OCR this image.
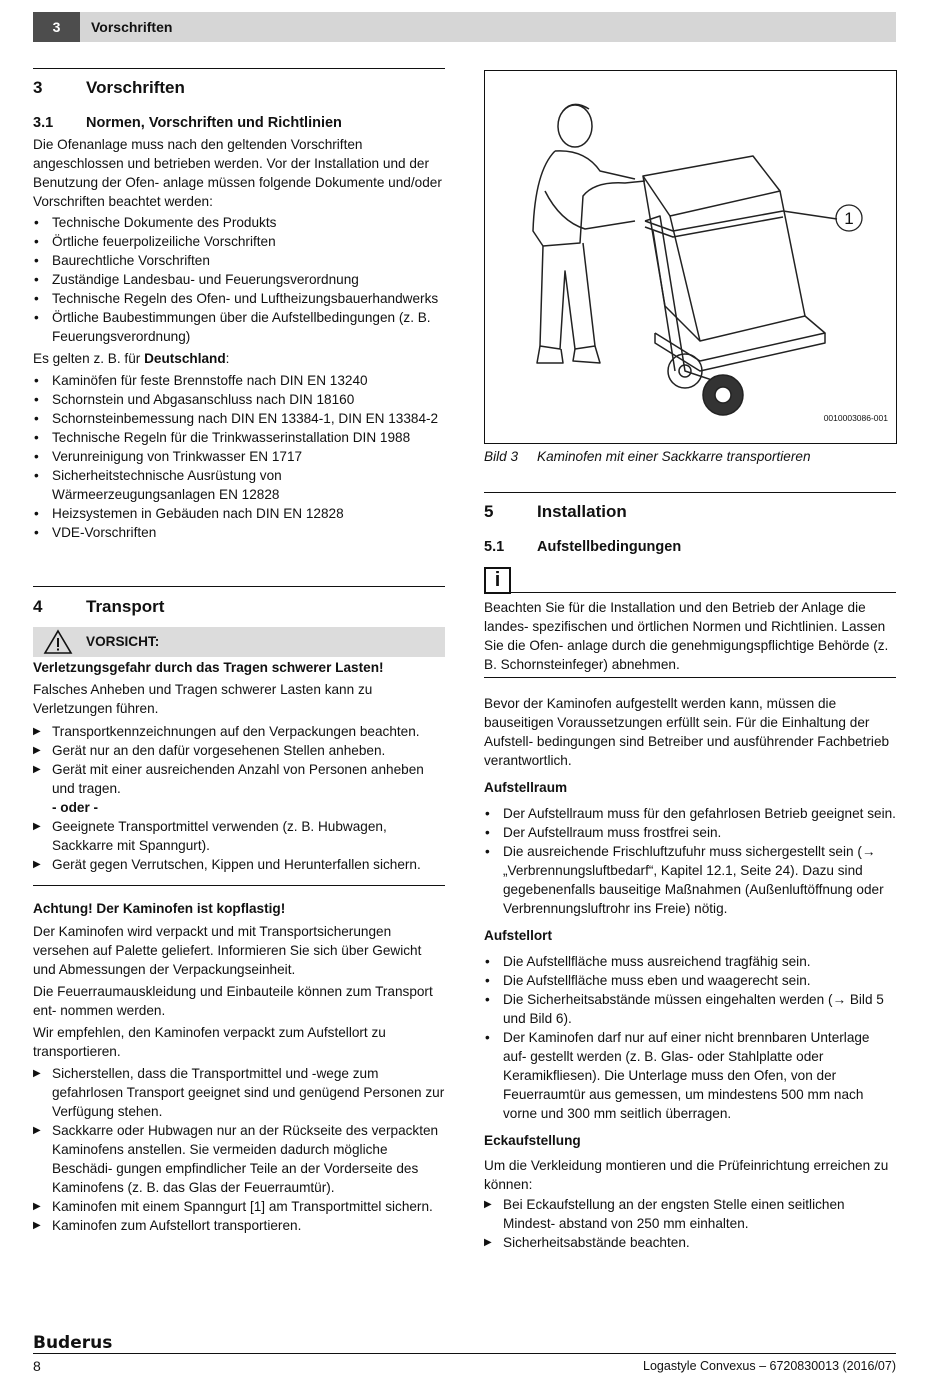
3	Vorschriften
3	Vorschriften
3.1 Normen, Vorschriften und Richtlinien

Die Ofenanlage muss nach den geltenden Vorschriften angeschlossen und betrieben werden. Vor der Installation und der Benutzung der Ofen- anlage müssen folgende Dokumente und/oder Vorschriften beachtet werden:

• Technische Dokumente des Produkts
• Örtliche feuerpolizeiliche Vorschriften
• Baurechtliche Vorschriften
• Zuständige Landesbau- und Feuerungsverordnung
• Technische Regeln des Ofen- und Luftheizungsbauerhandwerks
• Örtliche Baubestimmungen über die Aufstellbedingungen (z. B. Feuerungsverordnung)

Es gelten z. B. für Deutschland:

• Kaminöfen für feste Brennstoffe nach DIN EN 13240
• Schornstein und Abgasanschluss nach DIN 18160
• Schornsteinbemessung nach DIN EN 13384-1, DIN EN 13384-2
• Technische Regeln für die Trinkwasserinstallation DIN 1988
• Verunreinigung von Trinkwasser EN 1717
• Sicherheitstechnische Ausrüstung von Wärmeerzeugungsanlagen EN 12828
• Heizsystemen in Gebäuden nach DIN EN 12828
• VDE-Vorschriften
4	Transport
VORSICHT:

Verletzungsgefahr durch das Tragen schwerer Lasten!

Falsches Anheben und Tragen schwerer Lasten kann zu Verletzungen führen.

▶ Transportkennzeichnungen auf den Verpackungen beachten.
▶ Gerät nur an den dafür vorgesehenen Stellen anheben.
▶ Gerät mit einer ausreichenden Anzahl von Personen anheben und tragen.
- oder -
▶ Geeignete Transportmittel verwenden (z. B. Hubwagen, Sackkarre mit Spanngurt).
▶ Gerät gegen Verrutschen, Kippen und Herunterfallen sichern.

Achtung! Der Kaminofen ist kopflastig!

Der Kaminofen wird verpackt und mit Transportsicherungen versehen auf Palette geliefert. Informieren Sie sich über Gewicht und Abmessungen der Verpackungseinheit.

Die Feuerraumauskleidung und Einbauteile können zum Transport ent- nommen werden.

Wir empfehlen, den Kaminofen verpackt zum Aufstellort zu transportieren.

▶ Sicherstellen, dass die Transportmittel und -wege zum gefahrlosen Transport geeignet sind und genügend Personen zur Verfügung stehen.
▶ Sackkarre oder Hubwagen nur an der Rückseite des verpackten Kaminofens anstellen. Sie vermeiden dadurch mögliche Beschädi- gungen empfindlicher Teile an der Vorderseite des Kaminofens (z. B. das Glas der Feuerraumtür).
▶ Kaminofen mit einem Spanngurt [1] am Transportmittel sichern.
▶ Kaminofen zum Aufstellort transportieren.
1
0010003086-001
Bild 3 Kaminofen mit einer Sackkarre transportieren
5	Installation
5.1 Aufstellbedingungen
i
Beachten Sie für die Installation und den Betrieb der Anlage die landes- spezifischen und örtlichen Normen und Richtlinien. Lassen Sie die Ofen- anlage durch die genehmigungspflichtige Behörde (z. B. Schornsteinfeger) abnehmen.

Bevor der Kaminofen aufgestellt werden kann, müssen die bauseitigen Voraussetzungen erfüllt sein. Für die Einhaltung der Aufstell- bedingungen sind Betreiber und ausführender Fachbetrieb verantwortlich.

Aufstellraum

• Der Aufstellraum muss für den gefahrlosen Betrieb geeignet sein.
• Der Aufstellraum muss frostfrei sein.
• Die ausreichende Frischluftzufuhr muss sichergestellt sein (→ „Verbrennungsluftbedarf“, Kapitel 12.1, Seite 24). Dazu sind gegebenenfalls bauseitige Maßnahmen (Außenluftöffnung oder Verbrennungsluftrohr ins Freie) nötig.

Aufstellort

• Die Aufstellfläche muss ausreichend tragfähig sein.
• Die Aufstellfläche muss eben und waagerecht sein.
• Die Sicherheitsabstände müssen eingehalten werden (→ Bild 5 und Bild 6).
• Der Kaminofen darf nur auf einer nicht brennbaren Unterlage auf- gestellt werden (z. B. Glas- oder Stahlplatte oder Keramikfliesen). Die Unterlage muss den Ofen, von der Feuerraumtür aus gemessen, um mindestens 500 mm nach vorne und 300 mm seitlich überragen.

Eckaufstellung

Um die Verkleidung montieren und die Prüfeinrichtung erreichen zu können:

▶ Bei Eckaufstellung an der engsten Stelle einen seitlichen Mindest- abstand von 250 mm einhalten.
▶ Sicherheitsabstände beachten.
Buderus
8	Logastyle Convexus – 6720830013 (2016/07)
